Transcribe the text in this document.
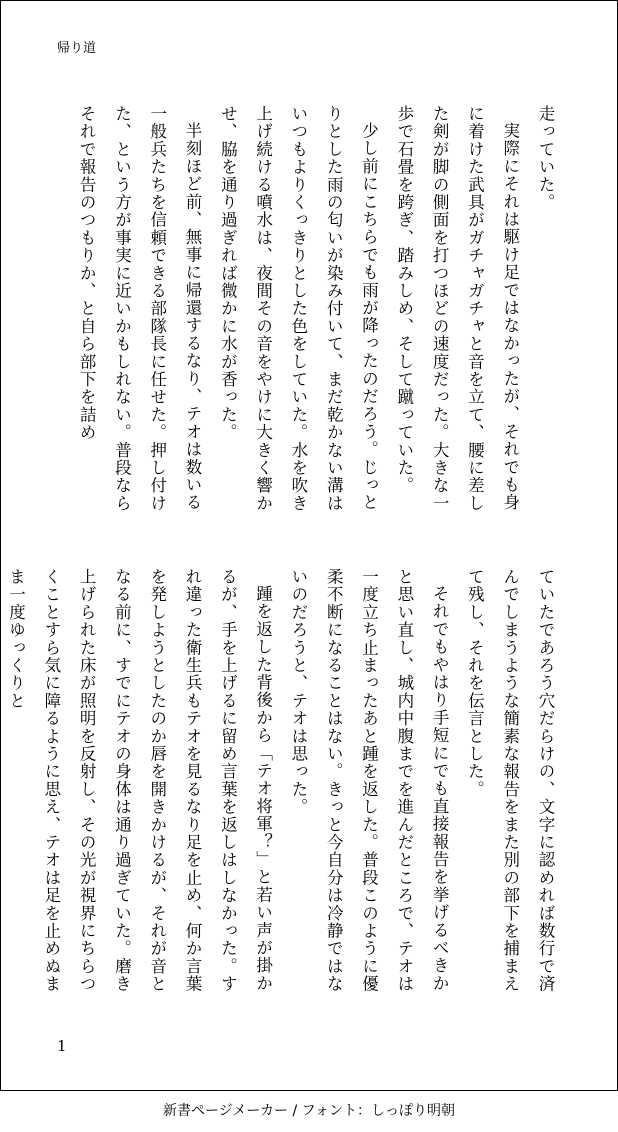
帰り道

走っていた。

実際にそれは駆け足ではなかったが、それでも身に着けた武具がガチャガチャと音を立て、腰に差した剣が脚の側面を打つほどの速度だった。大きな一歩で石畳を跨ぎ、踏みしめ、そして蹴っていた。

少し前にこちらでも雨が降ったのだろう。じっとりとした雨の匂いが染み付いて、まだ乾かない溝はいつもよりくっきりとした色をしていた。水を吹き上げ続ける噴水は、夜間その音をやけに大きく響かせ、脇を通り過ぎれば微かに水が香った。

半刻ほど前、無事に帰還するなり、テオは数いる一般兵たちを信頼できる部隊長に任せた。押し付けた、という方が事実に近いかもしれない。普段ならそれで報告のつもりか、と自ら部下を詰め

ていたであろう穴だらけの、文字に認めれば数行で済んでしまうような簡素な報告をまた別の部下を捕まえて残し、それを伝言とした。

それでもやはり手短にでも直接報告を挙げるべきかと思い直し、城内中腹までを進んだところで、テオは一度立ち止まったあと踵を返した。普段このように優柔不断になることはない。きっと今自分は冷静ではないのだろうと、テオは思った。

踵を返した背後から「テオ将軍？」と若い声が掛かるが、手を上げるに留め言葉を返しはしなかった。すれ違った衛生兵もテオを見るなり足を止め、何か言葉を発しようとしたのか唇を開きかけるが、それが音となる前に、すでにテオの身体は通り過ぎていた。磨き上げられた床が照明を反射し、その光が視界にちらつくことすら気に障るように思え、テオは足を止めぬまま一度ゆっくりと

1
新書ページメーカー / フォント：しっぽり明朝
